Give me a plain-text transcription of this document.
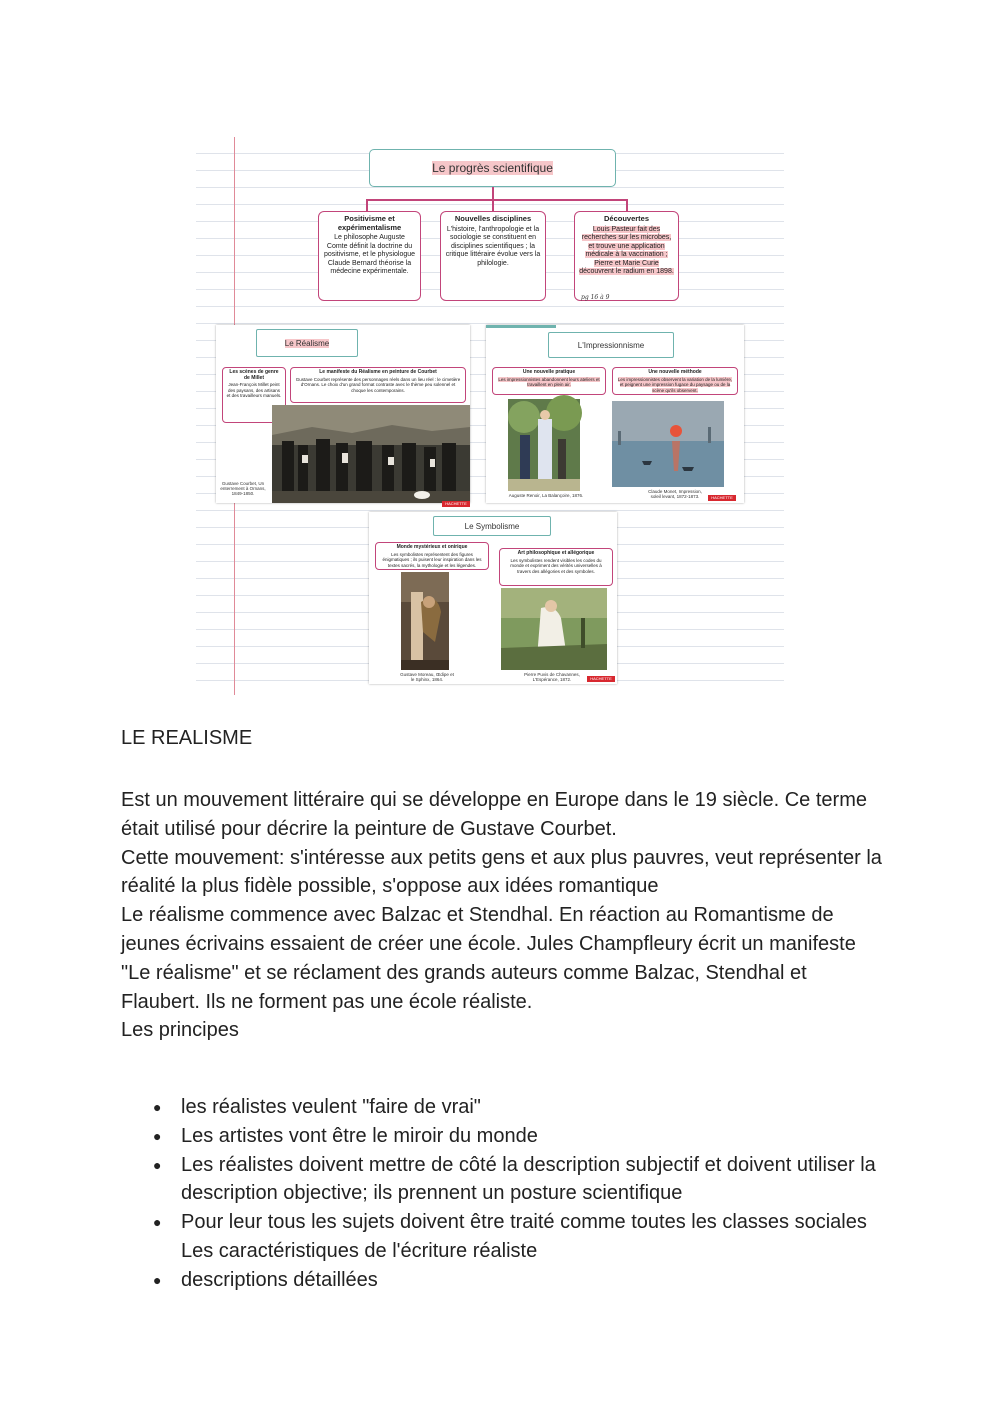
Le progrès scientifique
Positivisme et expérimentalisme
Le philosophe Auguste Comte définit la doctrine du positivisme, et le physiologue Claude Bernard théorise la médecine expérimentale.
Nouvelles disciplines
L'histoire, l'anthropologie et la sociologie se constituent en disciplines scientifiques ; la critique littéraire évolue vers la philologie.
Découvertes
Louis Pasteur fait des recherches sur les microbes, et trouve une application médicale à la vaccination ; Pierre et Marie Curie découvrent le radium en 1898.
pg 16 à 9
Le Réalisme
Les scènes de genre de Millet
Jean-François Millet peint des paysans, des artisans et des travailleurs manuels.
Le manifeste du Réalisme en peinture de Courbet
Gustave Courbet représente des personnages réels dans un lieu réel : le cimetière d'Ornans. Le choix d'un grand format contraste avec le thème peu solennel et choque les contemporains.
Gustave Courbet, Un enterrement à Ornans, 1849-1850.
HACHETTE
L'Impressionnisme
Une nouvelle pratique
Les impressionnistes abandonnent leurs ateliers et travaillent en plein air.
Une nouvelle méthode
Les impressionnistes observent la variation de la lumière, et peignent une impression fugace du paysage ou de la scène qu'ils observent.
Auguste Renoir, La Balançoire, 1876.
Claude Monet, Impression, soleil levant, 1872-1873.	HACHETTE
Le Symbolisme
Monde mystérieux et onirique
Les symbolistes représentent des figures énigmatiques ; ils puisent leur inspiration dans les textes sacrés, la mythologie et les légendes.
Art philosophique et allégorique
Les symbolistes rendent visibles les codes du monde et expriment des vérités universelles à travers des allégories et des symboles.
Gustave Moreau, Œdipe et le Sphinx, 1864.
Pierre Puvis de Chavannes, L'Espérance, 1872.	HACHETTE
LE REALISME

Est un mouvement littéraire qui se développe en Europe dans le 19 siècle. Ce terme était utilisé pour décrire la peinture de Gustave Courbet.

Cette mouvement: s'intéresse aux petits gens et aux plus pauvres, veut représenter la réalité la plus fidèle possible, s'oppose aux idées romantique

Le réalisme commence avec Balzac et Stendhal. En réaction au Romantisme de jeunes écrivains essaient de créer une école. Jules Champfleury écrit un manifeste

"Le réalisme" et se réclament des grands auteurs comme Balzac, Stendhal et Flaubert. Ils ne forment pas une école réaliste.

Les principes

● les réalistes veulent "faire de vrai"
● Les artistes vont être le miroir du monde
● Les réalistes doivent mettre de côté la description subjectif et doivent utiliser la description objective; ils prennent un posture scientifique
● Pour leur tous les sujets doivent être traité comme toutes les classes sociales Les caractéristiques de l'écriture réaliste
● descriptions détaillées
